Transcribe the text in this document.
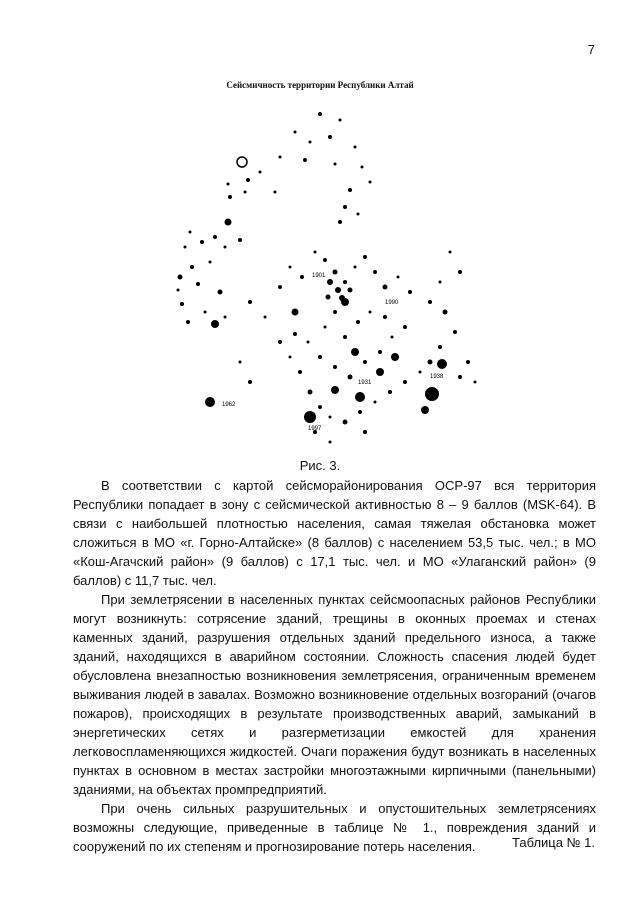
7
Сейсмичность территории Республики Алтай
1901
1997
1931
1938
1990
1962
Рис. 3.

В соответствии с картой сейсморайонирования ОСР-97 вся территория Республики попадает в зону с сейсмической активностью 8 – 9 баллов (MSK-64). В связи с наибольшей плотностью населения, самая тяжелая обстановка может сложиться в МО «г. Горно-Алтайске» (8 баллов) с населением 53,5 тыс. чел.; в МО «Кош-Агачский район» (9 баллов) с 17,1 тыс. чел. и МО «Улаганский район» (9 баллов) с 11,7 тыс. чел.

При землетрясении в населенных пунктах сейсмоопасных районов Республики могут возникнуть: сотрясение зданий, трещины в оконных проемах и стенах каменных зданий, разрушения отдельных зданий предельного износа, а также зданий, находящихся в аварийном состоянии. Сложность спасения людей будет обусловлена внезапностью возникновения землетрясения, ограниченным временем выживания людей в завалах. Возможно возникновение отдельных возгораний (очагов пожаров), происходящих в результате производственных аварий, замыканий в энергетических сетях и разгерметизации емкостей для хранения легковоспламеняющихся жидкостей. Очаги поражения будут возникать в населенных пунктах в основном в местах застройки многоэтажными кирпичными (панельными) зданиями, на объектах промпредприятий.

При очень сильных разрушительных и опустошительных землетрясениях возможны следующие, приведенные в таблице № 1., повреждения зданий и сооружений по их степеням и прогнозирование потерь населения.	Таблица № 1.
